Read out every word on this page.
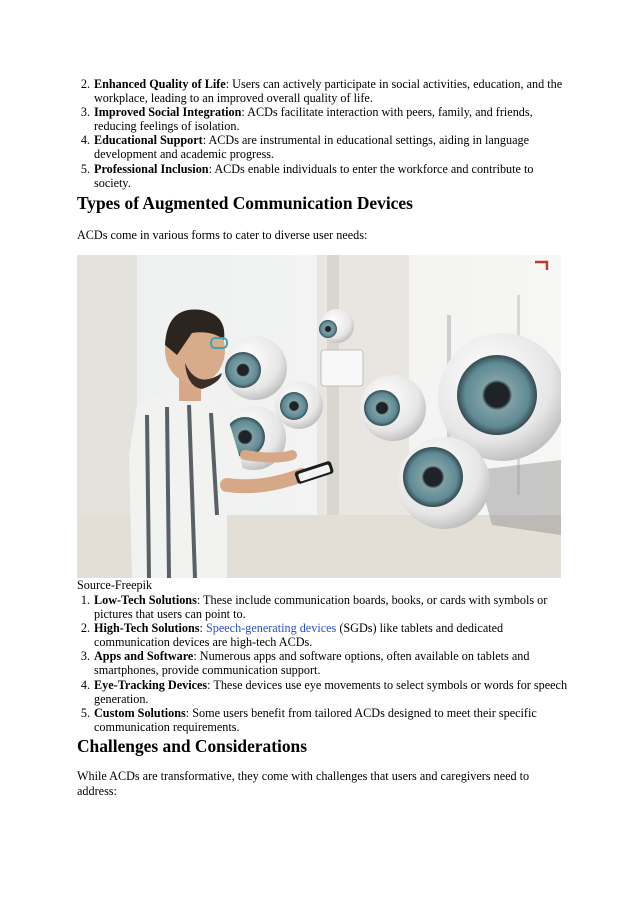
2. Enhanced Quality of Life: Users can actively participate in social activities, education, and the workplace, leading to an improved overall quality of life.
3. Improved Social Integration: ACDs facilitate interaction with peers, family, and friends, reducing feelings of isolation.
4. Educational Support: ACDs are instrumental in educational settings, aiding in language development and academic progress.
5. Professional Inclusion: ACDs enable individuals to enter the workforce and contribute to society.
Types of Augmented Communication Devices
ACDs come in various forms to cater to diverse user needs:
Source-Freepik
1. Low-Tech Solutions: These include communication boards, books, or cards with symbols or pictures that users can point to.
2. High-Tech Solutions: Speech-generating devices (SGDs) like tablets and dedicated communication devices are high-tech ACDs.
3. Apps and Software: Numerous apps and software options, often available on tablets and smartphones, provide communication support.
4. Eye-Tracking Devices: These devices use eye movements to select symbols or words for speech generation.
5. Custom Solutions: Some users benefit from tailored ACDs designed to meet their specific communication requirements.
Challenges and Considerations
While ACDs are transformative, they come with challenges that users and caregivers need to address:
